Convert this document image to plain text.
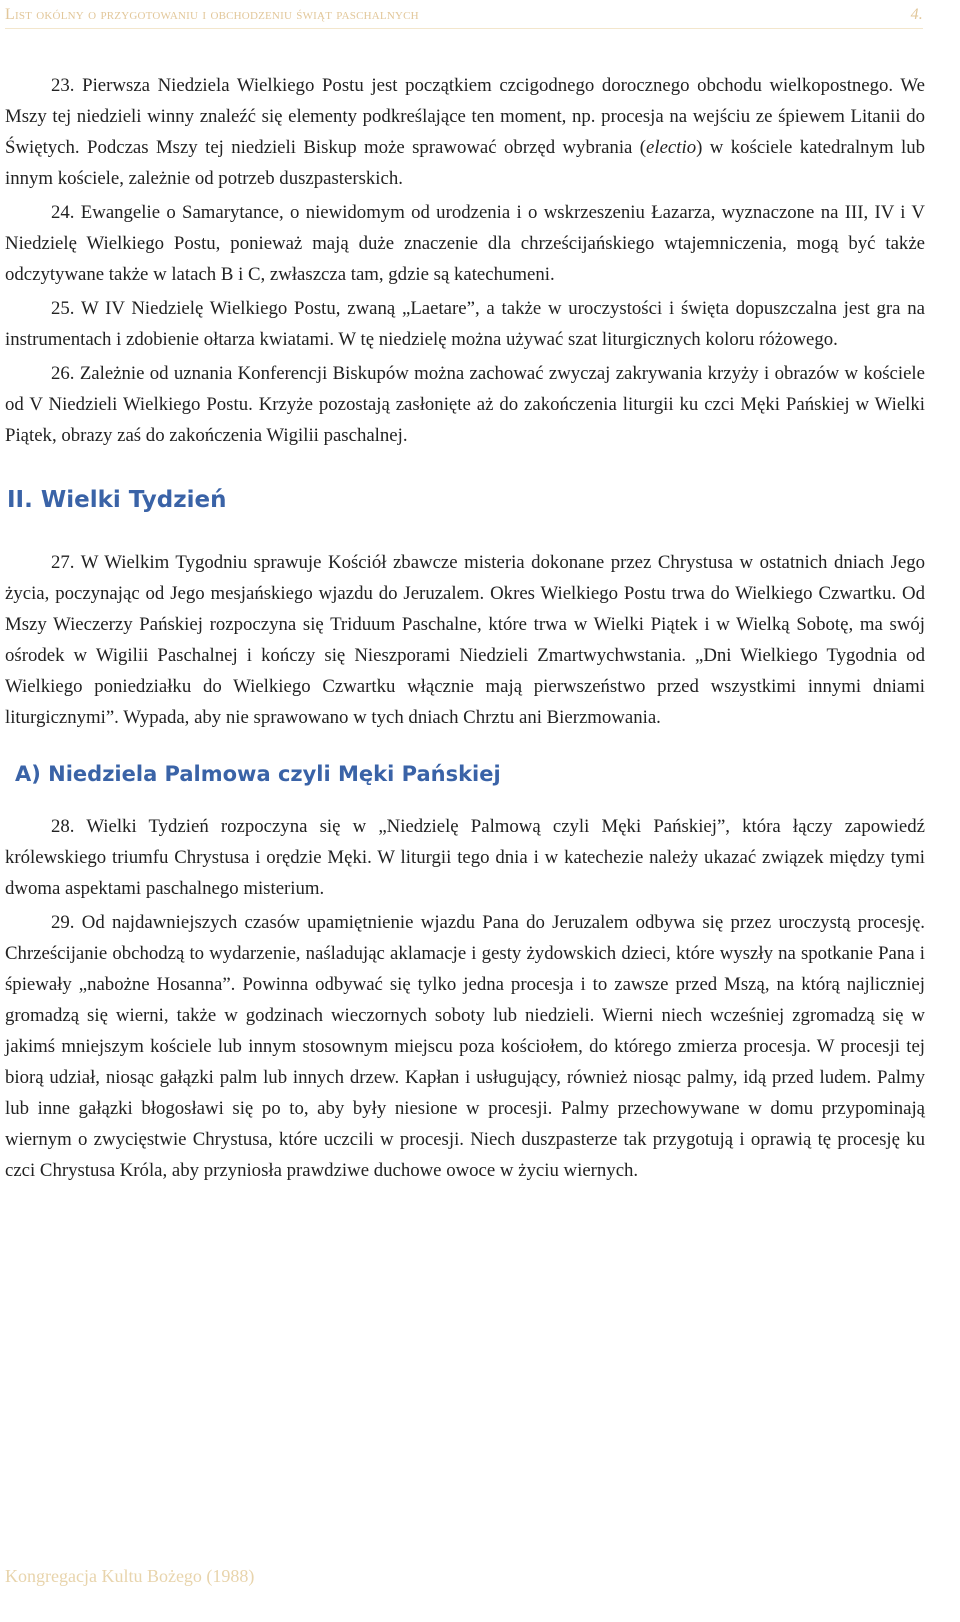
List okólny o przygotowaniu i obchodzeniu świąt paschalnych	4.

23. Pierwsza Niedziela Wielkiego Postu jest początkiem czcigodnego dorocznego obchodu wielkopostnego. We Mszy tej niedzieli winny znaleźć się elementy podkreślające ten moment, np. procesja na wejściu ze śpiewem Litanii do Świętych. Podczas Mszy tej niedzieli Biskup może sprawować obrzęd wybrania (electio) w kościele katedralnym lub innym kościele, zależnie od potrzeb duszpasterskich.

24. Ewangelie o Samarytance, o niewidomym od urodzenia i o wskrzeszeniu Łazarza, wyznaczone na III, IV i V Niedzielę Wielkiego Postu, ponieważ mają duże znaczenie dla chrześcijańskiego wtajemniczenia, mogą być także odczytywane także w latach B i C, zwłaszcza tam, gdzie są katechumeni.

25. W IV Niedzielę Wielkiego Postu, zwaną „Laetare”, a także w uroczystości i święta dopuszczalna jest gra na instrumentach i zdobienie ołtarza kwiatami. W tę niedzielę można używać szat liturgicznych koloru różowego.

26. Zależnie od uznania Konferencji Biskupów można zachować zwyczaj zakrywania krzyży i obrazów w kościele od V Niedzieli Wielkiego Postu. Krzyże pozostają zasłonięte aż do zakończenia liturgii ku czci Męki Pańskiej w Wielki Piątek, obrazy zaś do zakończenia Wigilii paschalnej.

II. Wielki Tydzień

27. W Wielkim Tygodniu sprawuje Kościół zbawcze misteria dokonane przez Chrystusa w ostatnich dniach Jego życia, poczynając od Jego mesjańskiego wjazdu do Jeruzalem. Okres Wielkiego Postu trwa do Wielkiego Czwartku. Od Mszy Wieczerzy Pańskiej rozpoczyna się Triduum Paschalne, które trwa w Wielki Piątek i w Wielką Sobotę, ma swój ośrodek w Wigilii Paschalnej i kończy się Nieszporami Niedzieli Zmartwychwstania. „Dni Wielkiego Tygodnia od Wielkiego poniedziałku do Wielkiego Czwartku włącznie mają pierwszeństwo przed wszystkimi innymi dniami liturgicznymi”. Wypada, aby nie sprawowano w tych dniach Chrztu ani Bierzmowania.

A) Niedziela Palmowa czyli Męki Pańskiej

28. Wielki Tydzień rozpoczyna się w „Niedzielę Palmową czyli Męki Pańskiej”, która łączy zapowiedź królewskiego triumfu Chrystusa i orędzie Męki. W liturgii tego dnia i w katechezie należy ukazać związek między tymi dwoma aspektami paschalnego misterium.

29. Od najdawniejszych czasów upamiętnienie wjazdu Pana do Jeruzalem odbywa się przez uroczystą procesję. Chrześcijanie obchodzą to wydarzenie, naśladując aklamacje i gesty żydowskich dzieci, które wyszły na spotkanie Pana i śpiewały „nabożne Hosanna”. Powinna odbywać się tylko jedna procesja i to zawsze przed Mszą, na którą najliczniej gromadzą się wierni, także w godzinach wieczornych soboty lub niedzieli. Wierni niech wcześniej zgromadzą się w jakimś mniejszym kościele lub innym stosownym miejscu poza kościołem, do którego zmierza procesja. W procesji tej biorą udział, niosąc gałązki palm lub innych drzew. Kapłan i usługujący, również niosąc palmy, idą przed ludem. Palmy lub inne gałązki błogosławi się po to, aby były niesione w procesji. Palmy przechowywane w domu przypominają wiernym o zwycięstwie Chrystusa, które uczcili w procesji. Niech duszpasterze tak przygotują i oprawią tę procesję ku czci Chrystusa Króla, aby przyniosła prawdziwe duchowe owoce w życiu wiernych.

Kongregacja Kultu Bożego (1988)
